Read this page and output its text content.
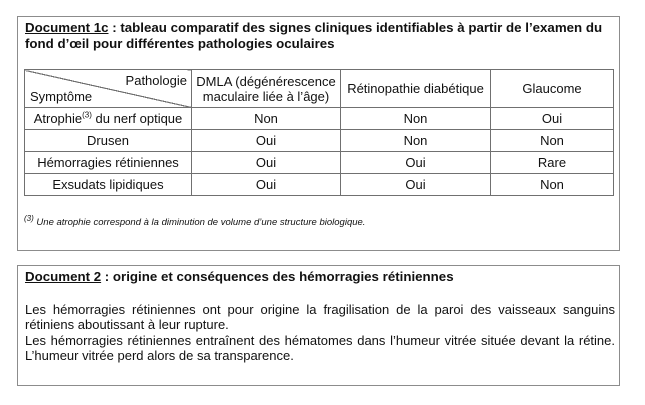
Document 1c : tableau comparatif des signes cliniques identifiables à partir de l’examen du fond d’œil pour différentes pathologies oculaires
Pathologie
Symptôme	DMLA (dégénérescence maculaire liée à l’âge)	Rétinopathie diabétique	Glaucome
Atrophie$^{(3)}$ du nerf optique	Non	Non	Oui
Drusen	Oui	Non	Non
Hémorragies rétiniennes	Oui	Oui	Rare
Exsudats lipidiques	Oui	Oui	Non
$^{(3)}$ Une atrophie correspond à la diminution de volume d’une structure biologique.
Document 2 : origine et conséquences des hémorragies rétiniennes
Les hémorragies rétiniennes ont pour origine la fragilisation de la paroi des vaisseaux sanguins rétiniens aboutissant à leur rupture.
Les hémorragies rétiniennes entraînent des hématomes dans l’humeur vitrée située devant la rétine. L’humeur vitrée perd alors de sa transparence.
